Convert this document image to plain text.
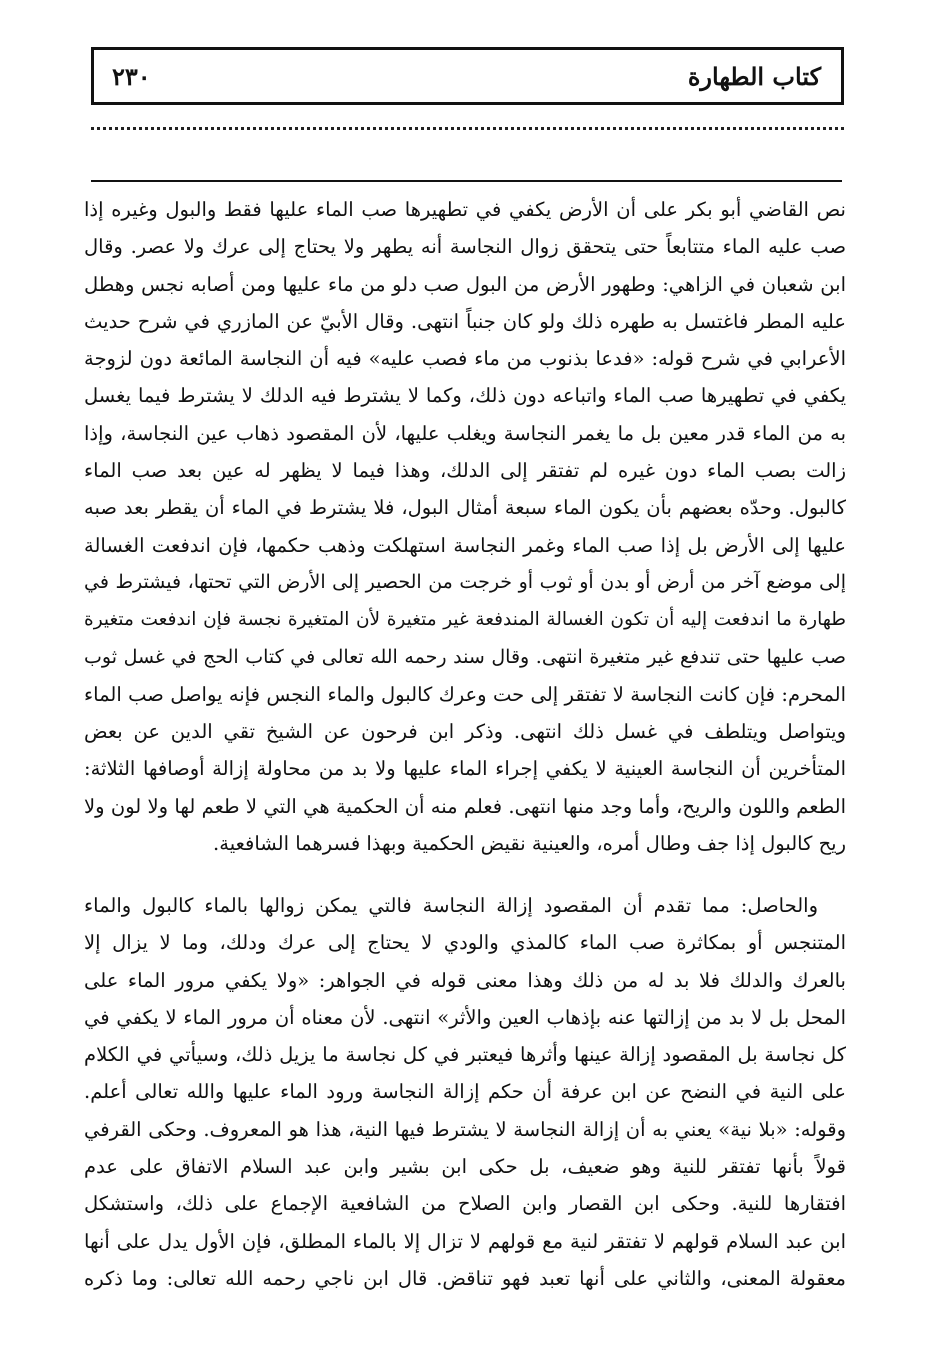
كتاب الطهارة
٢٣٠
نص القاضي أبو بكر على أن الأرض يكفي في تطهيرها صب الماء عليها فقط والبول وغيره إذا
صب عليه الماء متتابعاً حتى يتحقق زوال النجاسة أنه يطهر ولا يحتاج إلى عرك ولا عصر. وقال
ابن شعبان في الزاهي: وطهور الأرض من البول صب دلو من ماء عليها ومن أصابه نجس وهطل
عليه المطر فاغتسل به طهره ذلك ولو كان جنباً انتهى. وقال الأبيّ عن المازري في شرح حديث
الأعرابي في شرح قوله: «فدعا بذنوب من ماء فصب عليه» فيه أن النجاسة المائعة دون لزوجة
يكفي في تطهيرها صب الماء واتباعه دون ذلك، وكما لا يشترط فيه الدلك لا يشترط فيما يغسل
به من الماء قدر معين بل ما يغمر النجاسة ويغلب عليها، لأن المقصود ذهاب عين النجاسة، وإذا
زالت بصب الماء دون غيره لم تفتقر إلى الدلك، وهذا فيما لا يظهر له عين بعد صب الماء
كالبول. وحدّه بعضهم بأن يكون الماء سبعة أمثال البول، فلا يشترط في الماء أن يقطر بعد صبه
عليها إلى الأرض بل إذا صب الماء وغمر النجاسة استهلكت وذهب حكمها، فإن اندفعت الغسالة
إلى موضع آخر من أرض أو بدن أو ثوب أو خرجت من الحصير إلى الأرض التي تحتها، فيشترط في
طهارة ما اندفعت إليه أن تكون الغسالة المندفعة غير متغيرة لأن المتغيرة نجسة فإن اندفعت متغيرة
صب عليها حتى تندفع غير متغيرة انتهى. وقال سند رحمه الله تعالى في كتاب الحج في غسل ثوب
المحرم: فإن كانت النجاسة لا تفتقر إلى حت وعرك كالبول والماء النجس فإنه يواصل صب الماء
ويتواصل ويتلطف في غسل ذلك انتهى. وذكر ابن فرحون عن الشيخ تقي الدين عن بعض
المتأخرين أن النجاسة العينية لا يكفي إجراء الماء عليها ولا بد من محاولة إزالة أوصافها الثلاثة:
الطعم واللون والريح، وأما وجد منها انتهى. فعلم منه أن الحكمية هي التي لا طعم لها ولا لون ولا
ريح كالبول إذا جف وطال أمره، والعينية نقيض الحكمية وبهذا فسرهما الشافعية.
والحاصل: مما تقدم أن المقصود إزالة النجاسة فالتي يمكن زوالها بالماء كالبول والماء
المتنجس أو بمكاثرة صب الماء كالمذي والودي لا يحتاج إلى عرك ودلك، وما لا يزال إلا
بالعرك والدلك فلا بد له من ذلك وهذا معنى قوله في الجواهر: «ولا يكفي مرور الماء على
المحل بل لا بد من إزالتها عنه بإذهاب العين والأثر» انتهى. لأن معناه أن مرور الماء لا يكفي في
كل نجاسة بل المقصود إزالة عينها وأثرها فيعتبر في كل نجاسة ما يزيل ذلك، وسيأتي في الكلام
على النية في النضح عن ابن عرفة أن حكم إزالة النجاسة ورود الماء عليها والله تعالى أعلم.
وقوله: «بلا نية» يعني به أن إزالة النجاسة لا يشترط فيها النية، هذا هو المعروف. وحكى القرفي
قولاً بأنها تفتقر للنية وهو ضعيف، بل حكى ابن بشير وابن عبد السلام الاتفاق على عدم
افتقارها للنية. وحكى ابن القصار وابن الصلاح من الشافعية الإجماع على ذلك، واستشكل
ابن عبد السلام قولهم لا تفتقر لنية مع قولهم لا تزال إلا بالماء المطلق، فإن الأول يدل على أنها
معقولة المعنى، والثاني على أنها تعبد فهو تناقض. قال ابن ناجي رحمه الله تعالى: وما ذكره
